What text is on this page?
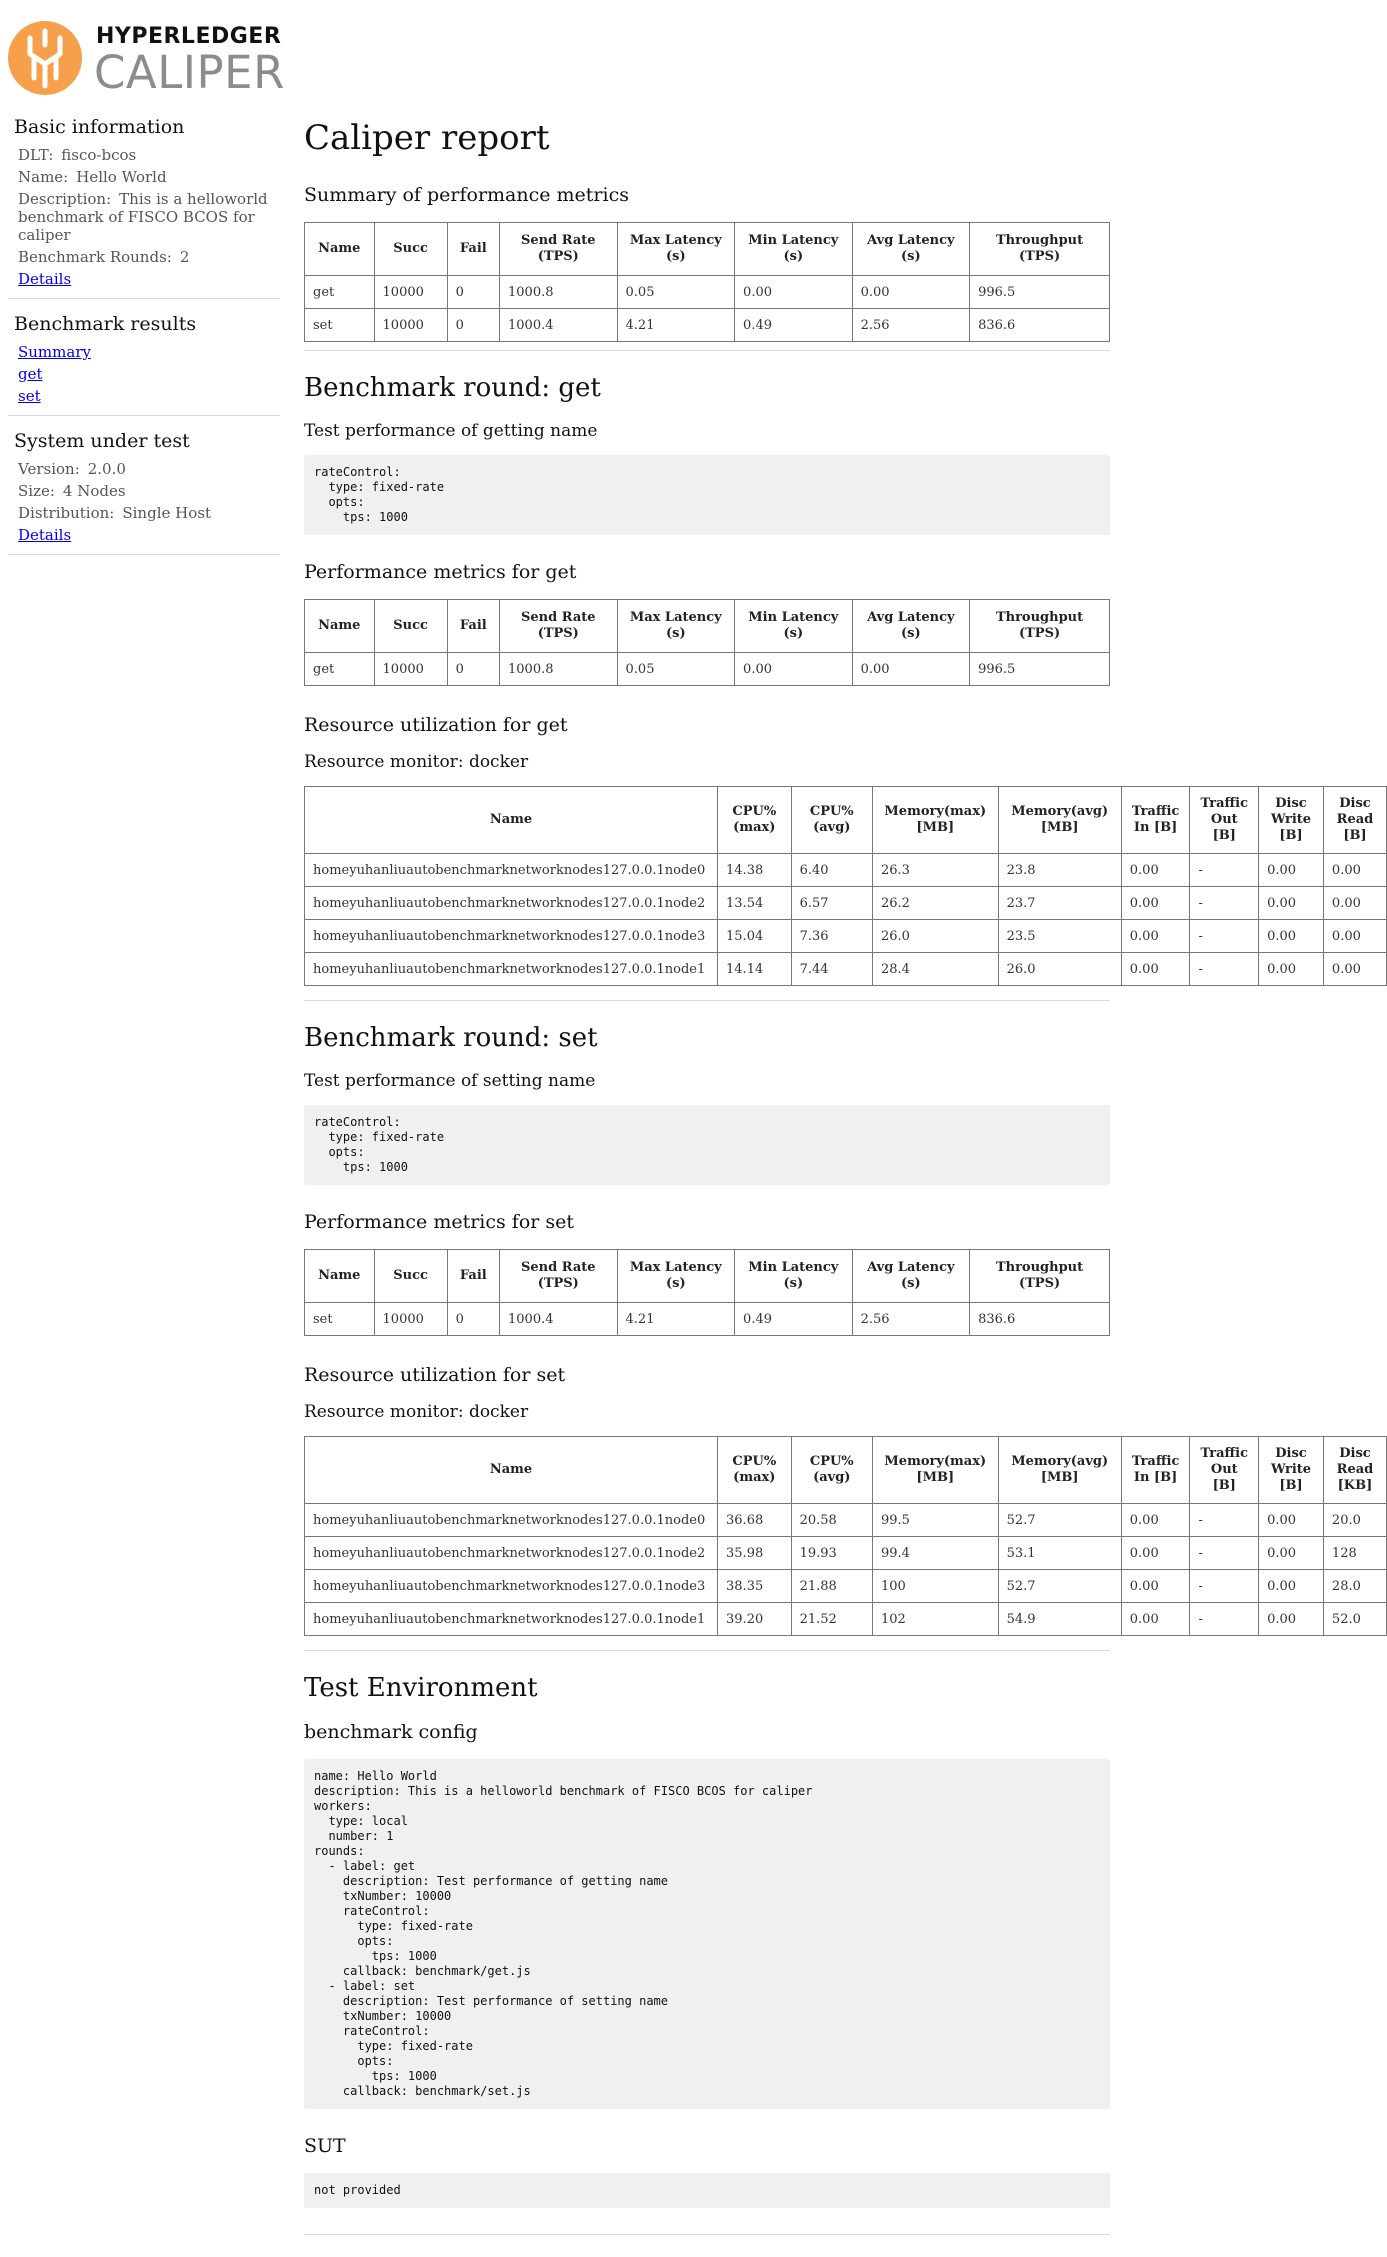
HYPERLEDGER
CALIPER
Basic information
DLT: fisco-bcos
Name: Hello World
Description: This is a helloworld benchmark of FISCO BCOS for caliper
Benchmark Rounds: 2
Details
Benchmark results
Summary
get
set
System under test
Version: 2.0.0
Size: 4 Nodes
Distribution: Single Host
Details
Caliper report
Summary of performance metrics
Name	Succ	Fail	Send Rate (TPS)	Max Latency (s)	Min Latency (s)	Avg Latency (s)	Throughput (TPS)
get	10000	0	1000.8	0.05	0.00	0.00	996.5
set	10000	0	1000.4	4.21	0.49	2.56	836.6
Benchmark round: get
Test performance of getting name
rateControl:
type: fixed-rate
opts:
tps: 1000
Performance metrics for get
Name	Succ	Fail	Send Rate (TPS)	Max Latency (s)	Min Latency (s)	Avg Latency (s)	Throughput (TPS)
get	10000	0	1000.8	0.05	0.00	0.00	996.5
Resource utilization for get
Resource monitor: docker
Name	CPU%(max)	CPU%(avg)	Memory(max) [MB]	Memory(avg) [MB]	Traffic In [B]	Traffic Out [B]	Disc Write [B]	Disc Read [B]
homeyuhanliuautobenchmarknetworknodes127.0.0.1node0	14.38	6.40	26.3	23.8	0.00	-	0.00	0.00
homeyuhanliuautobenchmarknetworknodes127.0.0.1node2	13.54	6.57	26.2	23.7	0.00	-	0.00	0.00
homeyuhanliuautobenchmarknetworknodes127.0.0.1node3	15.04	7.36	26.0	23.5	0.00	-	0.00	0.00
homeyuhanliuautobenchmarknetworknodes127.0.0.1node1	14.14	7.44	28.4	26.0	0.00	-	0.00	0.00
Benchmark round: set
Test performance of setting name
rateControl:
type: fixed-rate
opts:
tps: 1000
Performance metrics for set
Name	Succ	Fail	Send Rate (TPS)	Max Latency (s)	Min Latency (s)	Avg Latency (s)	Throughput (TPS)
set	10000	0	1000.4	4.21	0.49	2.56	836.6
Resource utilization for set
Resource monitor: docker
Name	CPU%(max)	CPU%(avg)	Memory(max) [MB]	Memory(avg) [MB]	Traffic In [B]	Traffic Out [B]	Disc Write [B]	Disc Read [KB]
homeyuhanliuautobenchmarknetworknodes127.0.0.1node0	36.68	20.58	99.5	52.7	0.00	-	0.00	20.0
homeyuhanliuautobenchmarknetworknodes127.0.0.1node2	35.98	19.93	99.4	53.1	0.00	-	0.00	128
homeyuhanliuautobenchmarknetworknodes127.0.0.1node3	38.35	21.88	100	52.7	0.00	-	0.00	28.0
homeyuhanliuautobenchmarknetworknodes127.0.0.1node1	39.20	21.52	102	54.9	0.00	-	0.00	52.0
Test Environment
benchmark config
name: Hello World
description: This is a helloworld benchmark of FISCO BCOS for caliper
workers:
type: local
number: 1
rounds:
- label: get
description: Test performance of getting name
txNumber: 10000
rateControl:
type: fixed-rate
opts:
tps: 1000
callback: benchmark/get.js
- label: set
description: Test performance of setting name
txNumber: 10000
rateControl:
type: fixed-rate
opts:
tps: 1000
callback: benchmark/set.js
SUT
not provided
